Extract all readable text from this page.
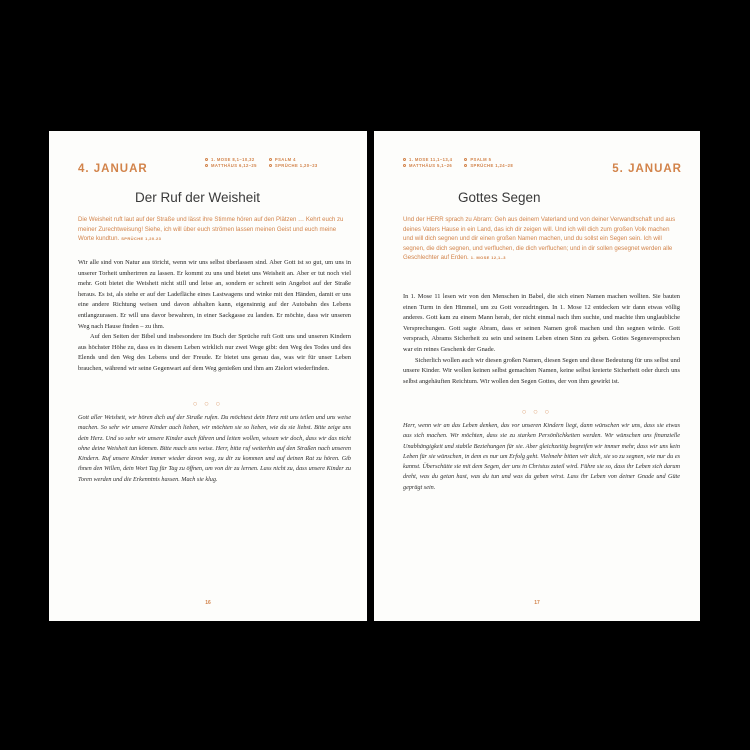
4. JANUAR
1. MOSE 8,1–10,32	PSALM 4
MATTHÄUS 6,12–25	SPRÜCHE 1,20–23
Der Ruf der Weisheit
Die Weisheit ruft laut auf der Straße und lässt ihre Stimme hören auf den Plätzen … Kehrt euch zu meiner Zurechtweisung! Siehe, ich will über euch strömen lassen meinen Geist und euch meine Worte kundtun. SPRÜCHE 1,20.23

Wir alle sind von Natur aus töricht, wenn wir uns selbst überlassen sind. Aber Gott ist so gut, um uns in unserer Torheit umherirren zu lassen. Er kommt zu uns und bietet uns Weisheit an. Aber er tut noch viel mehr. Gott bietet die Weisheit nicht still und leise an, sondern er schreit sein Angebot auf der Straße heraus. Es ist, als stehe er auf der Ladefläche eines Lastwagens und winke mit den Händen, damit er uns eine andere Richtung weisen und davon abhalten kann, eigensinnig auf der Autobahn des Lebens entlangzurasen. Er will uns davor bewahren, in einer Sackgasse zu landen. Er möchte, dass wir unseren Weg nach Hause finden – zu ihm.

Auf den Seiten der Bibel und insbesondere im Buch der Sprüche ruft Gott uns und unseren Kindern aus höchster Höhe zu, dass es in diesem Leben wirklich nur zwei Wege gibt: den Weg des Todes und des Elends und den Weg des Lebens und der Freude. Er bietet uns genau das, was wir für unser Leben brauchen, während wir seine Gegenwart auf dem Weg genießen und ihm am Zielort wiederfinden.

○ ○ ○
Gott aller Weisheit, wir hören dich auf der Straße rufen. Du möchtest dein Herz mit uns teilen und uns weise machen. So sehr wir unsere Kinder auch lieben, wir möchten sie so lieben, wie du sie liebst. Bitte zeige uns dein Herz. Und so sehr wir unsere Kinder auch führen und leiten wollen, wissen wir doch, dass wir das nicht ohne deine Weisheit tun können. Bitte mach uns weise. Herr, bitte ruf weiterhin auf den Straßen nach unseren Kindern. Ruf unsere Kinder immer wieder davon weg, zu dir zu kommen und auf deinen Rat zu hören. Gib ihnen den Willen, dein Wort Tag für Tag zu öffnen, um von dir zu lernen. Lass nicht zu, dass unsere Kinder zu Toren werden und die Erkenntnis hassen. Mach sie klug.
16
1. MOSE 11,1–13,4	PSALM 5
MATTHÄUS 5,1–26	SPRÜCHE 1,24–28	5. JANUAR
Gottes Segen
Und der HERR sprach zu Abram: Geh aus deinem Vaterland und von deiner Verwandtschaft und aus deines Vaters Hause in ein Land, das ich dir zeigen will. Und ich will dich zum großen Volk machen und will dich segnen und dir einen großen Namen machen, und du sollst ein Segen sein. Ich will segnen, die dich segnen, und verfluchen, die dich verfluchen; und in dir sollen gesegnet werden alle Geschlechter auf Erden. 1. MOSE 12,1–3

In 1. Mose 11 lesen wir von den Menschen in Babel, die sich einen Namen machen wollten. Sie bauten einen Turm in den Himmel, um zu Gott vorzudringen. In 1. Mose 12 entdecken wir dann etwas völlig anderes. Gott kam zu einem Mann herab, der nicht einmal nach ihm suchte, und machte ihm unglaubliche Versprechungen. Gott sagte Abram, dass er seinen Namen groß machen und ihn segnen würde. Gott versprach, Abrams Sicherheit zu sein und seinem Leben einen Sinn zu geben. Gottes Segensversprechen war ein reines Geschenk der Gnade.

Sicherlich wollen auch wir diesen großen Namen, diesen Segen und diese Bedeutung für uns selbst und unsere Kinder. Wir wollen keinen selbst gemachten Namen, keine selbst kreierte Sicherheit oder durch uns selbst angehäuften Reichtum. Wir wollen den Segen Gottes, der von ihm gewirkt ist.

○ ○ ○
Herr, wenn wir an das Leben denken, das vor unseren Kindern liegt, dann wünschen wir uns, dass sie etwas aus sich machen. Wir möchten, dass sie zu starken Persönlichkeiten werden. Wir wünschen uns finanzielle Unabhängigkeit und stabile Beziehungen für sie. Aber gleichzeitig begreifen wir immer mehr, dass wir uns kein Leben für sie wünschen, in dem es nur um Erfolg geht. Vielmehr bitten wir dich, sie so zu segnen, wie nur du es kannst. Überschütte sie mit dem Segen, der uns in Christus zuteil wird. Führe sie so, dass ihr Leben sich darum dreht, was du getan hast, was du tun und was du geben wirst. Lass ihr Leben von deiner Gnade und Güte geprägt sein.
17
